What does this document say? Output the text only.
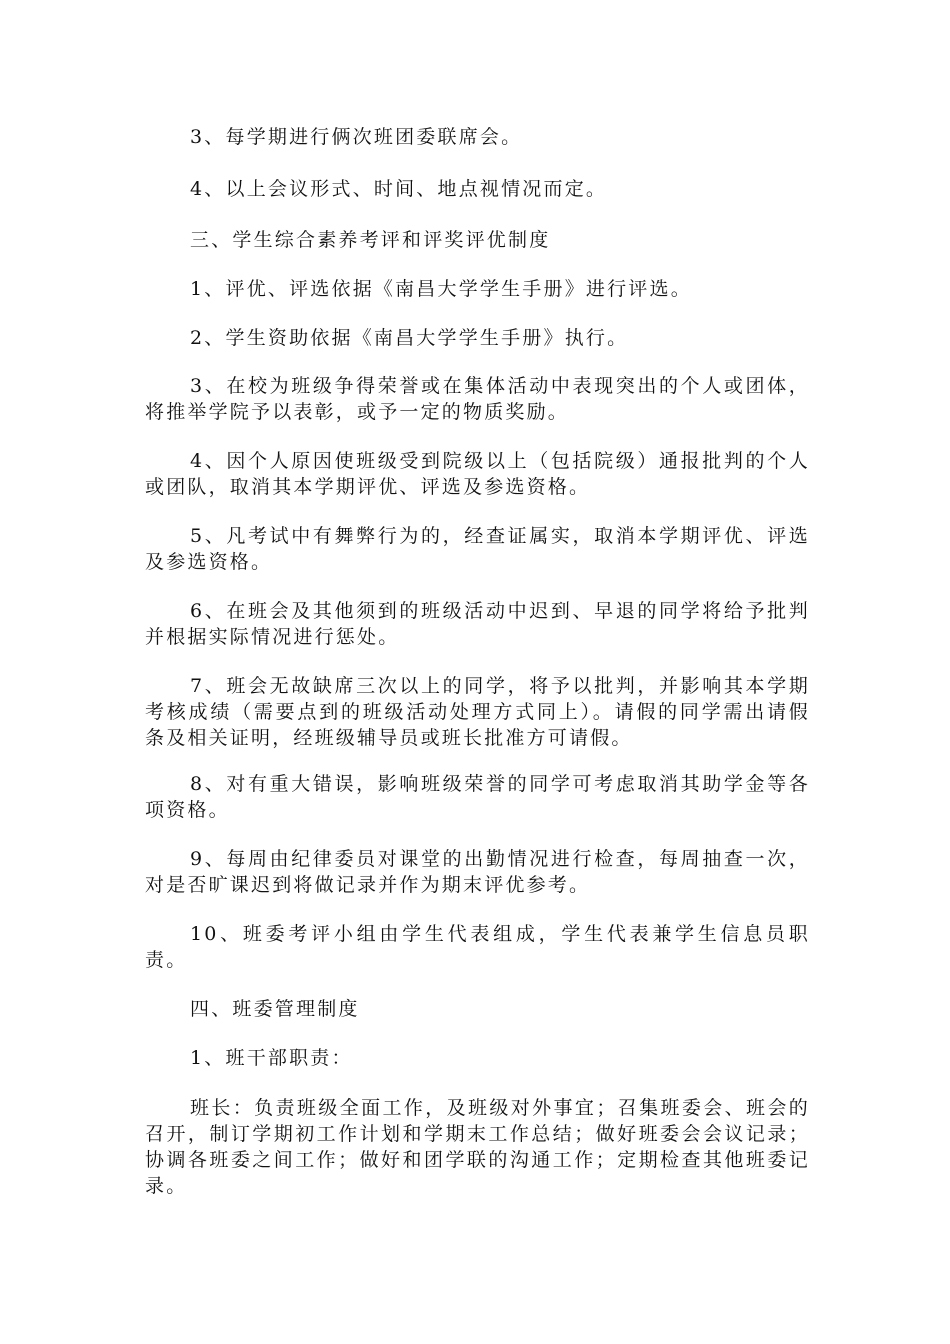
3、每学期进行俩次班团委联席会。
4、以上会议形式、时间、地点视情况而定。
三、学生综合素养考评和评奖评优制度
1、评优、评选依据《南昌大学学生手册》进行评选。
2、学生资助依据《南昌大学学生手册》执行。
3、在校为班级争得荣誉或在集体活动中表现突出的个人或团体，将推举学院予以表彰，或予一定的物质奖励。
4、因个人原因使班级受到院级以上（包括院级）通报批判的个人或团队，取消其本学期评优、评选及参选资格。
5、凡考试中有舞弊行为的，经查证属实，取消本学期评优、评选及参选资格。
6、在班会及其他须到的班级活动中迟到、早退的同学将给予批判并根据实际情况进行惩处。
7、班会无故缺席三次以上的同学，将予以批判，并影响其本学期考核成绩（需要点到的班级活动处理方式同上）。请假的同学需出请假条及相关证明，经班级辅导员或班长批准方可请假。
8、对有重大错误，影响班级荣誉的同学可考虑取消其助学金等各项资格。
9、每周由纪律委员对课堂的出勤情况进行检查，每周抽查一次，对是否旷课迟到将做记录并作为期末评优参考。
10、班委考评小组由学生代表组成，学生代表兼学生信息员职责。
四、班委管理制度
1、班干部职责：
班长：负责班级全面工作，及班级对外事宜；召集班委会、班会的召开，制订学期初工作计划和学期末工作总结；做好班委会会议记录；协调各班委之间工作；做好和团学联的沟通工作；定期检查其他班委记录。
